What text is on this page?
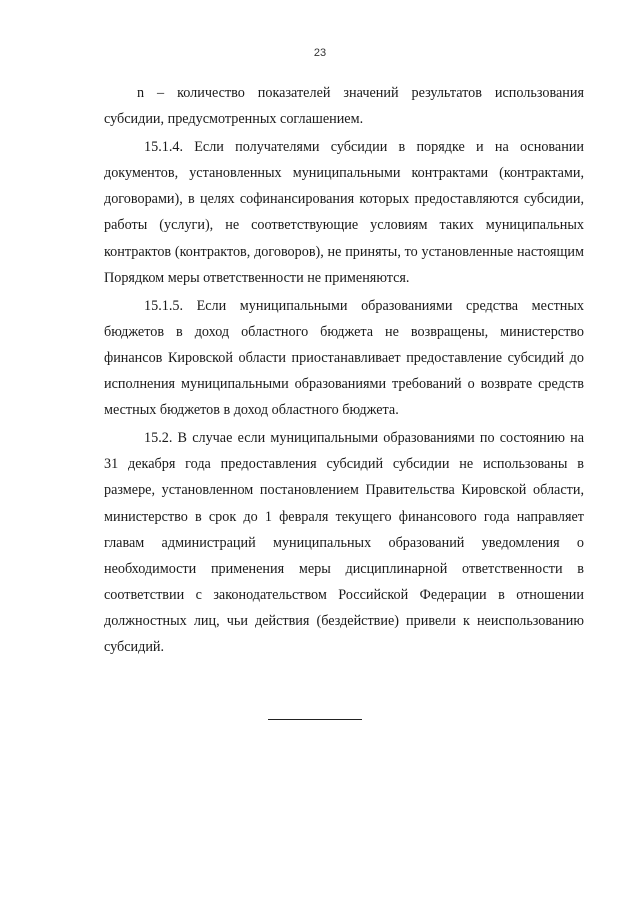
23

n – количество показателей значений результатов использования субсидии, предусмотренных соглашением.

15.1.4. Если получателями субсидии в порядке и на основании документов, установленных муниципальными контрактами (контрактами, договорами), в целях софинансирования которых предоставляются субсидии, работы (услуги), не соответствующие условиям таких муниципальных контрактов (контрактов, договоров), не приняты, то установленные настоящим Порядком меры ответственности не применяются.

15.1.5. Если муниципальными образованиями средства местных бюджетов в доход областного бюджета не возвращены, министерство финансов Кировской области приостанавливает предоставление субсидий до исполнения муниципальными образованиями требований о возврате средств местных бюджетов в доход областного бюджета.

15.2. В случае если муниципальными образованиями по состоянию на 31 декабря года предоставления субсидий субсидии не использованы в размере, установленном постановлением Правительства Кировской области, министерство в срок до 1 февраля текущего финансового года направляет главам администраций муниципальных образований уведомления о необходимости применения меры дисциплинарной ответственности в соответствии с законодательством Российской Федерации в отношении должностных лиц, чьи действия (бездействие) привели к неиспользованию субсидий.
